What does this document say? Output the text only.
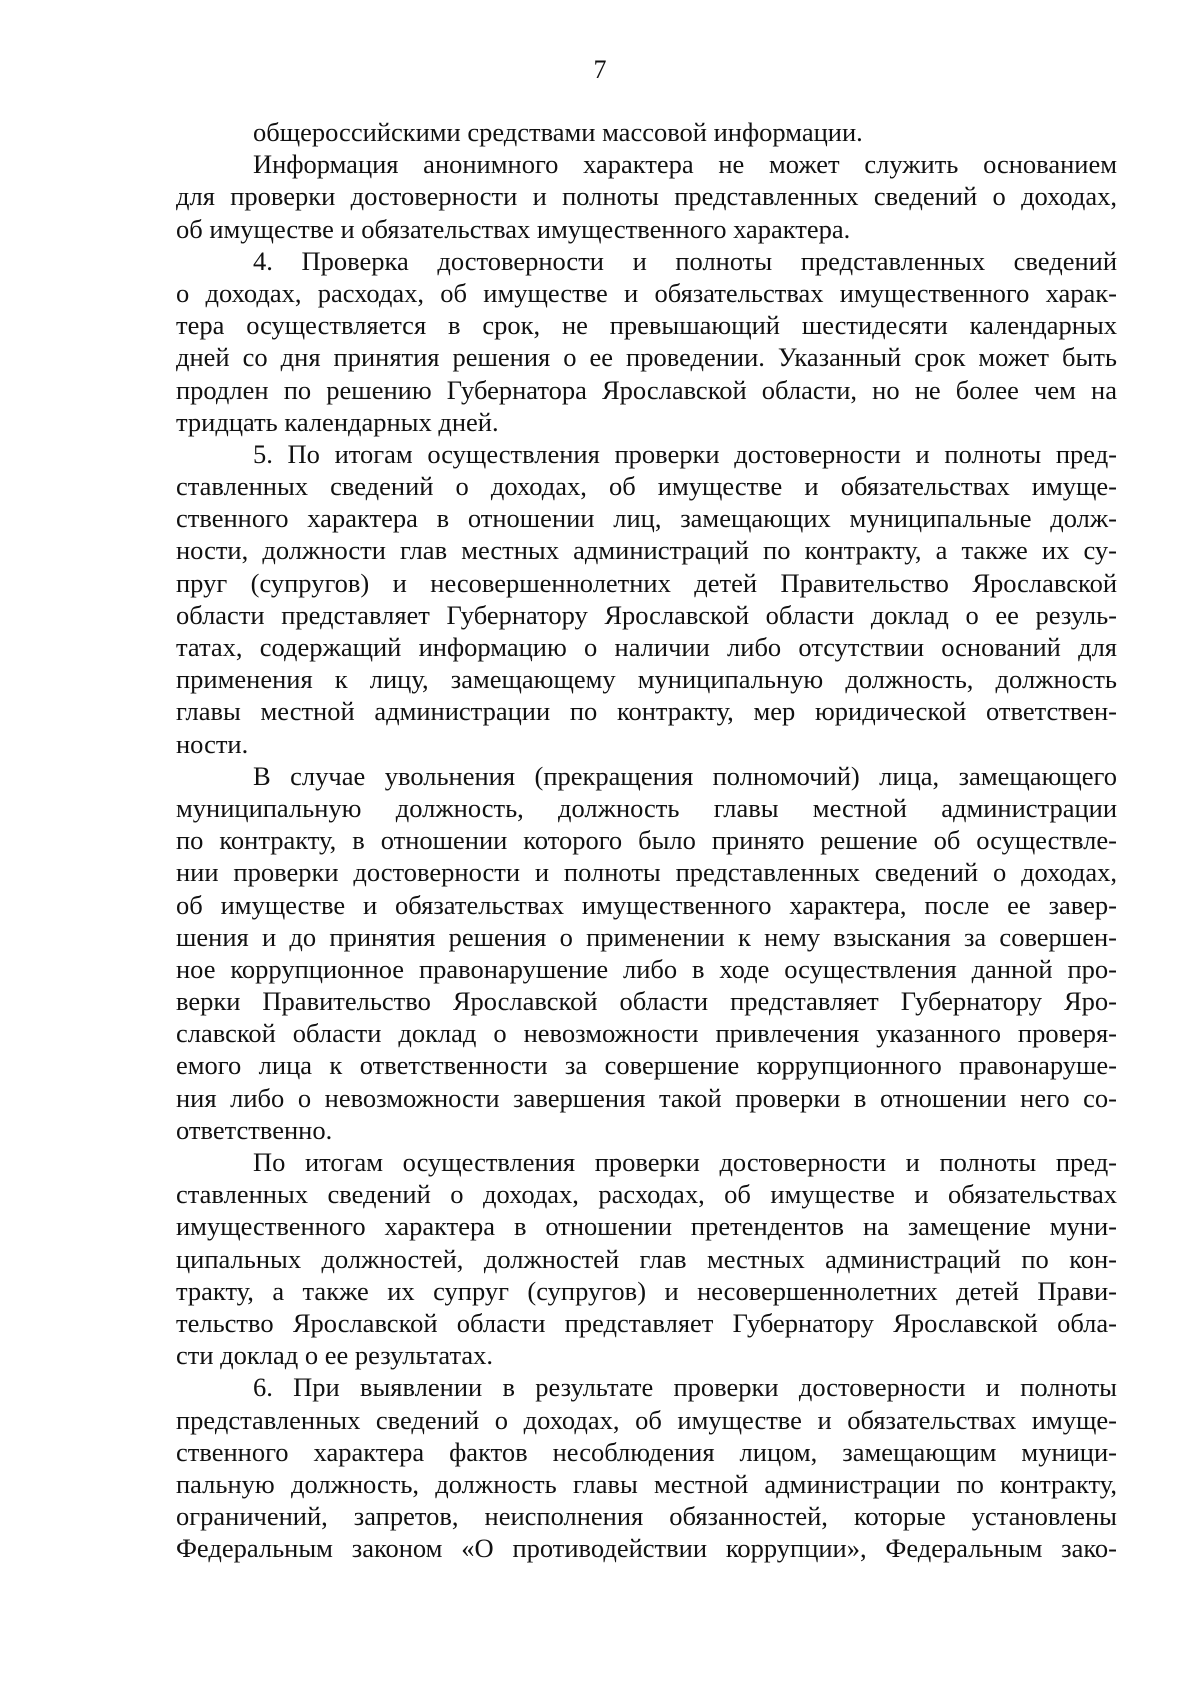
7
общероссийскими средствами массовой информации.
Информация анонимного характера не может служить основанием
для проверки достоверности и полноты представленных сведений о доходах,
об имуществе и обязательствах имущественного характера.
4. Проверка достоверности и полноты представленных сведений
о доходах, расходах, об имуществе и обязательствах имущественного харак-
тера осуществляется в срок, не превышающий шестидесяти календарных
дней со дня принятия решения о ее проведении. Указанный срок может быть
продлен по решению Губернатора Ярославской области, но не более чем на
тридцать календарных дней.
5. По итогам осуществления проверки достоверности и полноты пред-
ставленных сведений о доходах, об имуществе и обязательствах имуще-
ственного характера в отношении лиц, замещающих муниципальные долж-
ности, должности глав местных администраций по контракту, а также их су-
пруг (супругов) и несовершеннолетних детей Правительство Ярославской
области представляет Губернатору Ярославской области доклад о ее резуль-
татах, содержащий информацию о наличии либо отсутствии оснований для
применения к лицу, замещающему муниципальную должность, должность
главы местной администрации по контракту, мер юридической ответствен-
ности.
В случае увольнения (прекращения полномочий) лица, замещающего
муниципальную должность, должность главы местной администрации
по контракту, в отношении которого было принято решение об осуществле-
нии проверки достоверности и полноты представленных сведений о доходах,
об имуществе и обязательствах имущественного характера, после ее завер-
шения и до принятия решения о применении к нему взыскания за совершен-
ное коррупционное правонарушение либо в ходе осуществления данной про-
верки Правительство Ярославской области представляет Губернатору Яро-
славской области доклад о невозможности привлечения указанного проверя-
емого лица к ответственности за совершение коррупционного правонаруше-
ния либо о невозможности завершения такой проверки в отношении него со-
ответственно.
По итогам осуществления проверки достоверности и полноты пред-
ставленных сведений о доходах, расходах, об имуществе и обязательствах
имущественного характера в отношении претендентов на замещение муни-
ципальных должностей, должностей глав местных администраций по кон-
тракту, а также их супруг (супругов) и несовершеннолетних детей Прави-
тельство Ярославской области представляет Губернатору Ярославской обла-
сти доклад о ее результатах.
6. При выявлении в результате проверки достоверности и полноты
представленных сведений о доходах, об имуществе и обязательствах имуще-
ственного характера фактов несоблюдения лицом, замещающим муници-
пальную должность, должность главы местной администрации по контракту,
ограничений, запретов, неисполнения обязанностей, которые установлены
Федеральным законом «О противодействии коррупции», Федеральным зако-
